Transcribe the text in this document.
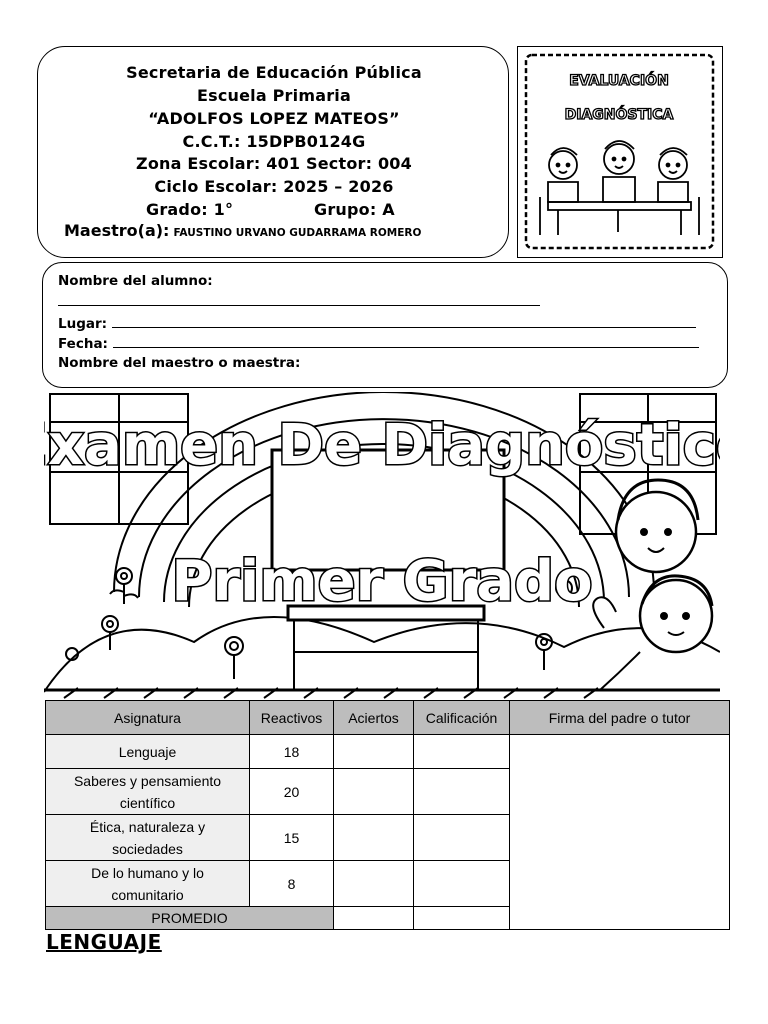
Secretaria de Educación Pública
Escuela Primaria
“ADOLFOS LOPEZ MATEOS”
C.C.T.: 15DPB0124G
Zona Escolar: 401 Sector: 004
Ciclo Escolar: 2025 – 2026
Grado: 1°	Grupo: A
Maestro(a): FAUSTINO URVANO GUDARRAMA ROMERO
EVALUACIÓN
DIAGNÓSTICA
Nombre del alumno:
Lugar:
Fecha:
Nombre del maestro o maestra:
Examen De Diagnóstico
Primer Grado
Asignatura	Reactivos	Aciertos	Calificación	Firma del padre o tutor
Lenguaje	18			
Saberes y pensamiento
científico	20			
Ética, naturaleza y
sociedades	15			
De lo humano y lo
comunitario	8			
PROMEDIO				
LENGUAJE
